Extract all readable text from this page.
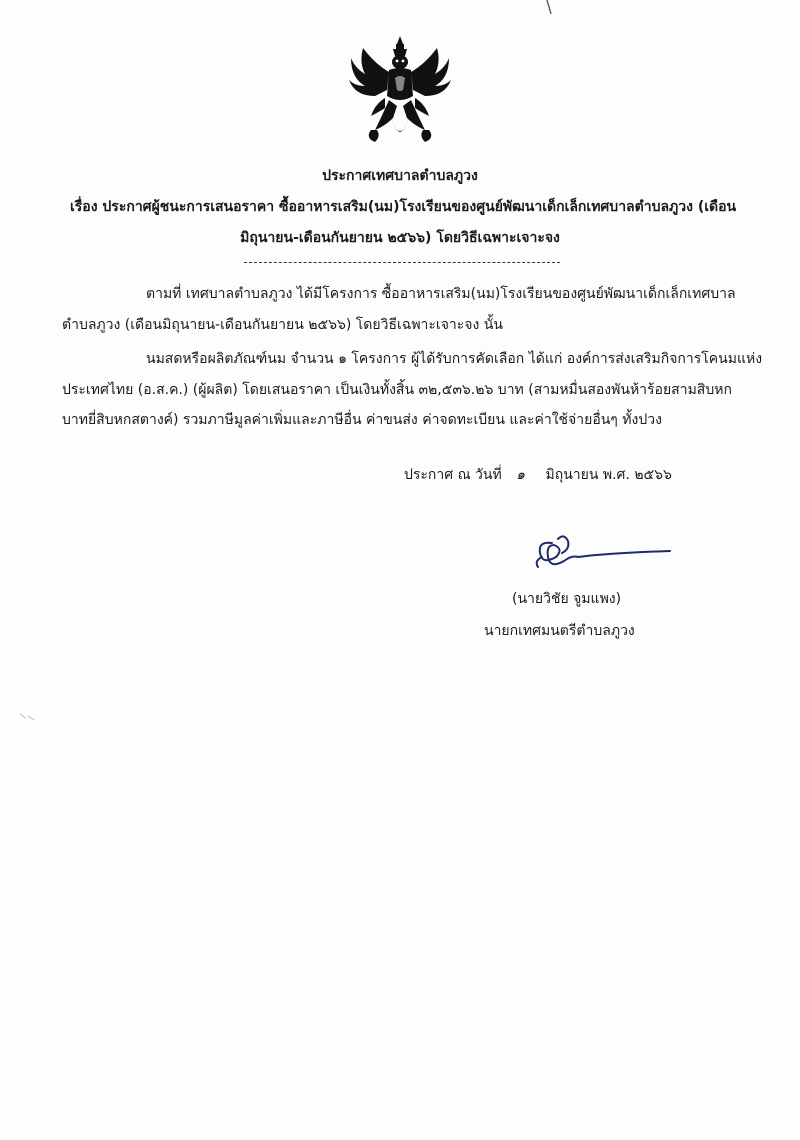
ประกาศเทศบาลตำบลภูวง
เรื่อง ประกาศผู้ชนะการเสนอราคา ซื้ออาหารเสริม(นม)โรงเรียนของศูนย์พัฒนาเด็กเล็กเทศบาลตำบลภูวง (เดือน
มิถุนายน-เดือนกันยายน ๒๕๖๖) โดยวิธีเฉพาะเจาะจง
ตามที่ เทศบาลตำบลภูวง ได้มีโครงการ ซื้ออาหารเสริม(นม)โรงเรียนของศูนย์พัฒนาเด็กเล็กเทศบาล
ตำบลภูวง (เดือนมิถุนายน-เดือนกันยายน ๒๕๖๖) โดยวิธีเฉพาะเจาะจง นั้น
นมสดหรือผลิตภัณฑ์นม จำนวน ๑ โครงการ ผู้ได้รับการคัดเลือก ได้แก่ องค์การส่งเสริมกิจการโคนมแห่ง
ประเทศไทย (อ.ส.ค.) (ผู้ผลิต) โดยเสนอราคา เป็นเงินทั้งสิ้น ๓๒,๕๓๖.๒๖ บาท (สามหมื่นสองพันห้าร้อยสามสิบหก
บาทยี่สิบหกสตางค์) รวมภาษีมูลค่าเพิ่มและภาษีอื่น ค่าขนส่ง ค่าจดทะเบียน และค่าใช้จ่ายอื่นๆ ทั้งปวง
ประกาศ ณ วันที่ ๑ มิถุนายน พ.ศ. ๒๕๖๖
(นายวิชัย จูมแพง)
นายกเทศมนตรีตำบลภูวง
